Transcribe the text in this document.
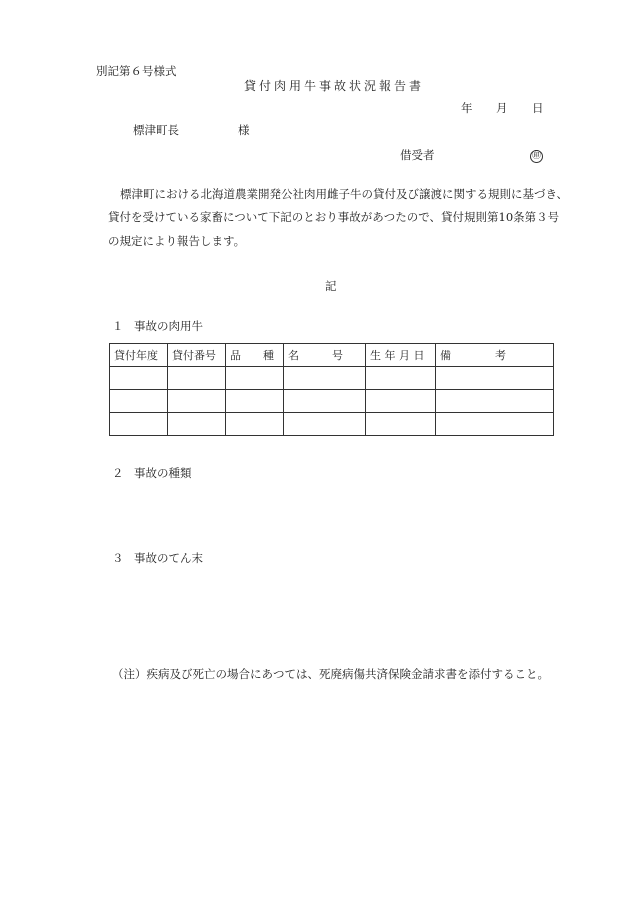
別記第６号様式
貸付肉用牛事故状況報告書
年 月 日
標津町長	様
借受者	㊞
標津町における北海道農業開発公社肉用雌子牛の貸付及び譲渡に関する規則に基づき、
貸付を受けている家畜について下記のとおり事故があつたので、貸付規則第10条第３号
の規定により報告します。
記
１ 事故の肉用牛
貸付年度	貸付番号	品　　種	名　　　号	生 年 月 日	備　　　　考

２ 事故の種類
３ 事故のてん末
（注）疾病及び死亡の場合にあつては、死廃病傷共済保険金請求書を添付すること。
